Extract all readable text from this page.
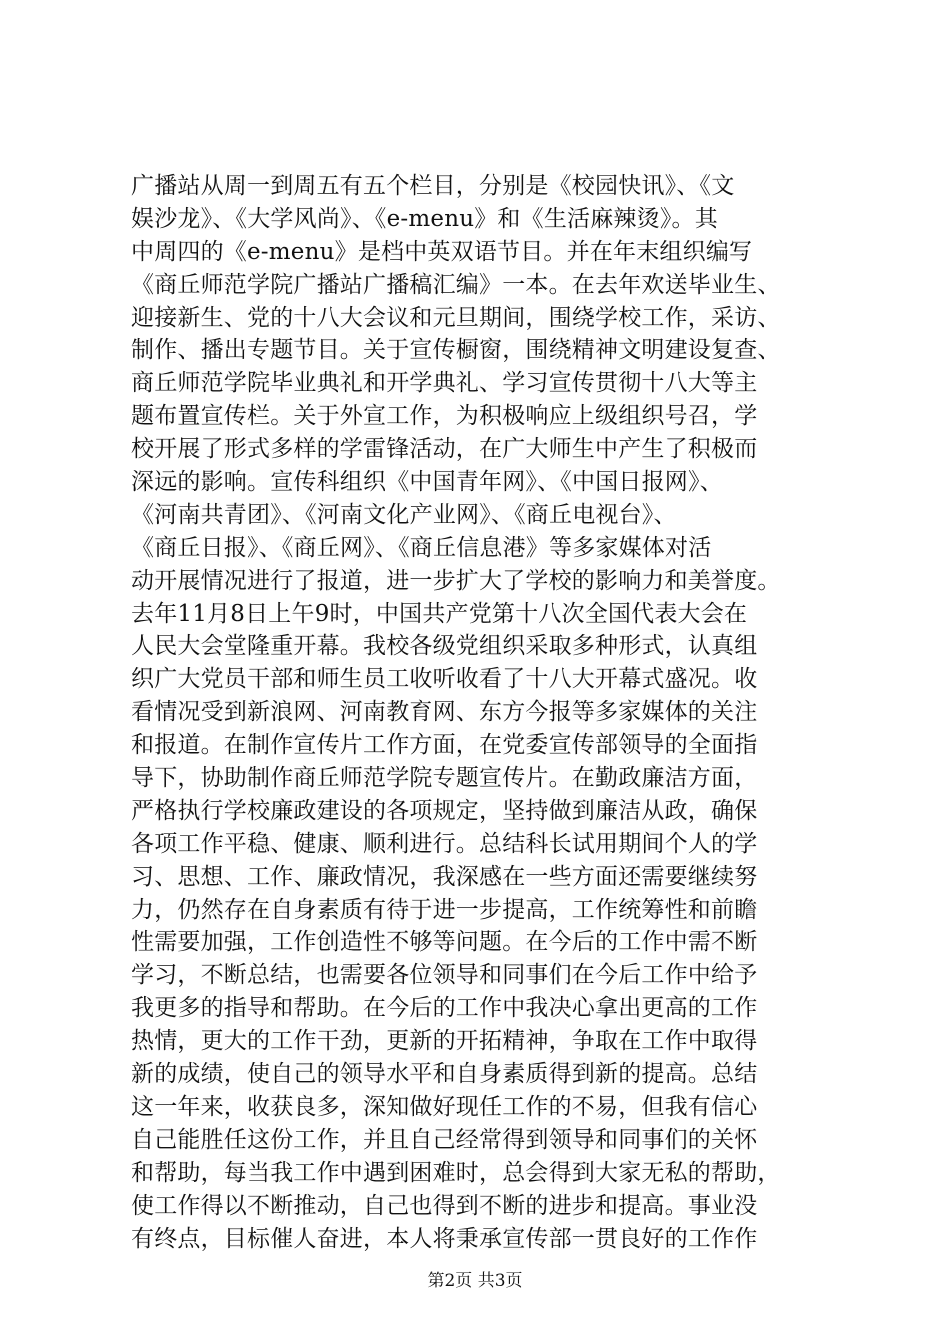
广播站从周一到周五有五个栏目，分别是《校园快讯》、《文
娱沙龙》、《大学风尚》、《e-menu》和《生活麻辣烫》。其
中周四的《e-menu》是档中英双语节目。并在年末组织编写
《商丘师范学院广播站广播稿汇编》一本。在去年欢送毕业生、
迎接新生、党的十八大会议和元旦期间，围绕学校工作，采访、
制作、播出专题节目。关于宣传橱窗，围绕精神文明建设复查、
商丘师范学院毕业典礼和开学典礼、学习宣传贯彻十八大等主
题布置宣传栏。关于外宣工作，为积极响应上级组织号召，学
校开展了形式多样的学雷锋活动，在广大师生中产生了积极而
深远的影响。宣传科组织《中国青年网》、《中国日报网》、
《河南共青团》、《河南文化产业网》、《商丘电视台》、
《商丘日报》、《商丘网》、《商丘信息港》等多家媒体对活
动开展情况进行了报道，进一步扩大了学校的影响力和美誉度。
去年11月8日上午9时，中国共产党第十八次全国代表大会在
人民大会堂隆重开幕。我校各级党组织采取多种形式，认真组
织广大党员干部和师生员工收听收看了十八大开幕式盛况。收
看情况受到新浪网、河南教育网、东方今报等多家媒体的关注
和报道。在制作宣传片工作方面，在党委宣传部领导的全面指
导下，协助制作商丘师范学院专题宣传片。在勤政廉洁方面，
严格执行学校廉政建设的各项规定，坚持做到廉洁从政，确保
各项工作平稳、健康、顺利进行。总结科长试用期间个人的学
习、思想、工作、廉政情况，我深感在一些方面还需要继续努
力，仍然存在自身素质有待于进一步提高，工作统筹性和前瞻
性需要加强，工作创造性不够等问题。在今后的工作中需不断
学习，不断总结，也需要各位领导和同事们在今后工作中给予
我更多的指导和帮助。在今后的工作中我决心拿出更高的工作
热情，更大的工作干劲，更新的开拓精神，争取在工作中取得
新的成绩，使自己的领导水平和自身素质得到新的提高。总结
这一年来，收获良多，深知做好现任工作的不易，但我有信心
自己能胜任这份工作，并且自己经常得到领导和同事们的关怀
和帮助，每当我工作中遇到困难时，总会得到大家无私的帮助，
使工作得以不断推动，自己也得到不断的进步和提高。事业没
有终点，目标催人奋进，本人将秉承宣传部一贯良好的工作作
第2页 共3页
